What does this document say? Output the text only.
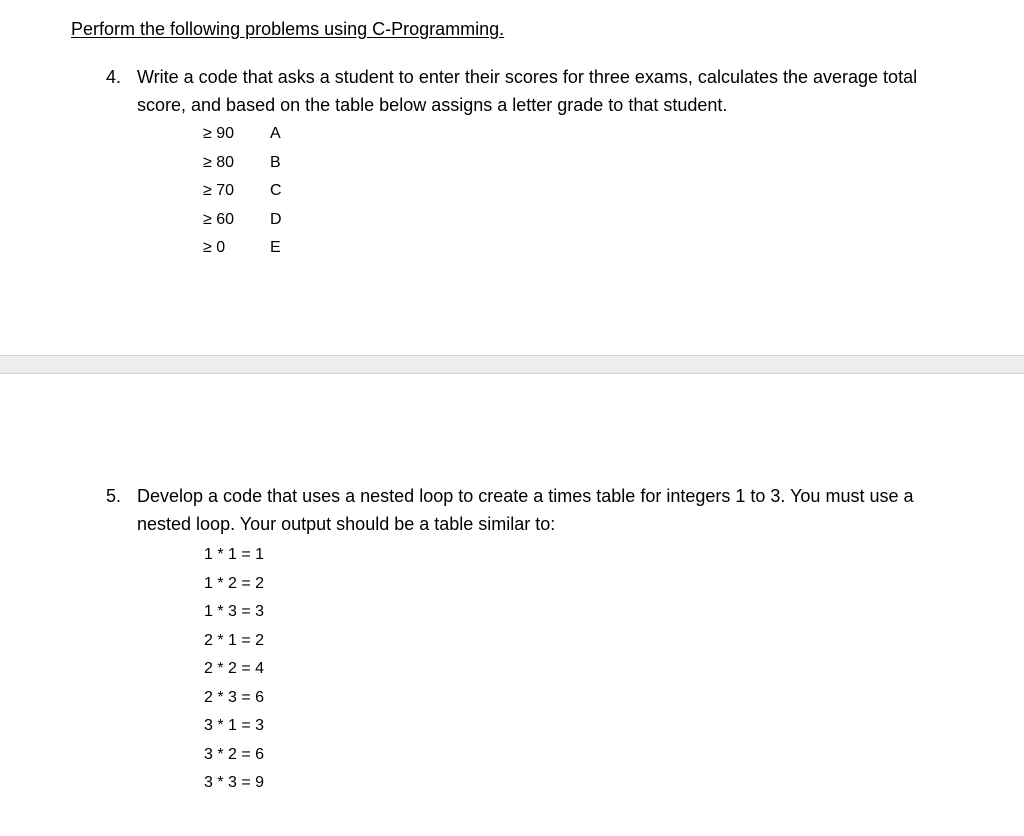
Perform the following problems using C-Programming.
4. Write a code that asks a student to enter their scores for three exams, calculates the average total score, and based on the table below assigns a letter grade to that student.
≥ 90	A
≥ 80	B
≥ 70	C
≥ 60	D
≥ 0	E
5. Develop a code that uses a nested loop to create a times table for integers 1 to 3. You must use a nested loop. Your output should be a table similar to:
1 * 1 = 1
1 * 2 = 2
1 * 3 = 3
2 * 1 = 2
2 * 2 = 4
2 * 3 = 6
3 * 1 = 3
3 * 2 = 6
3 * 3 = 9
